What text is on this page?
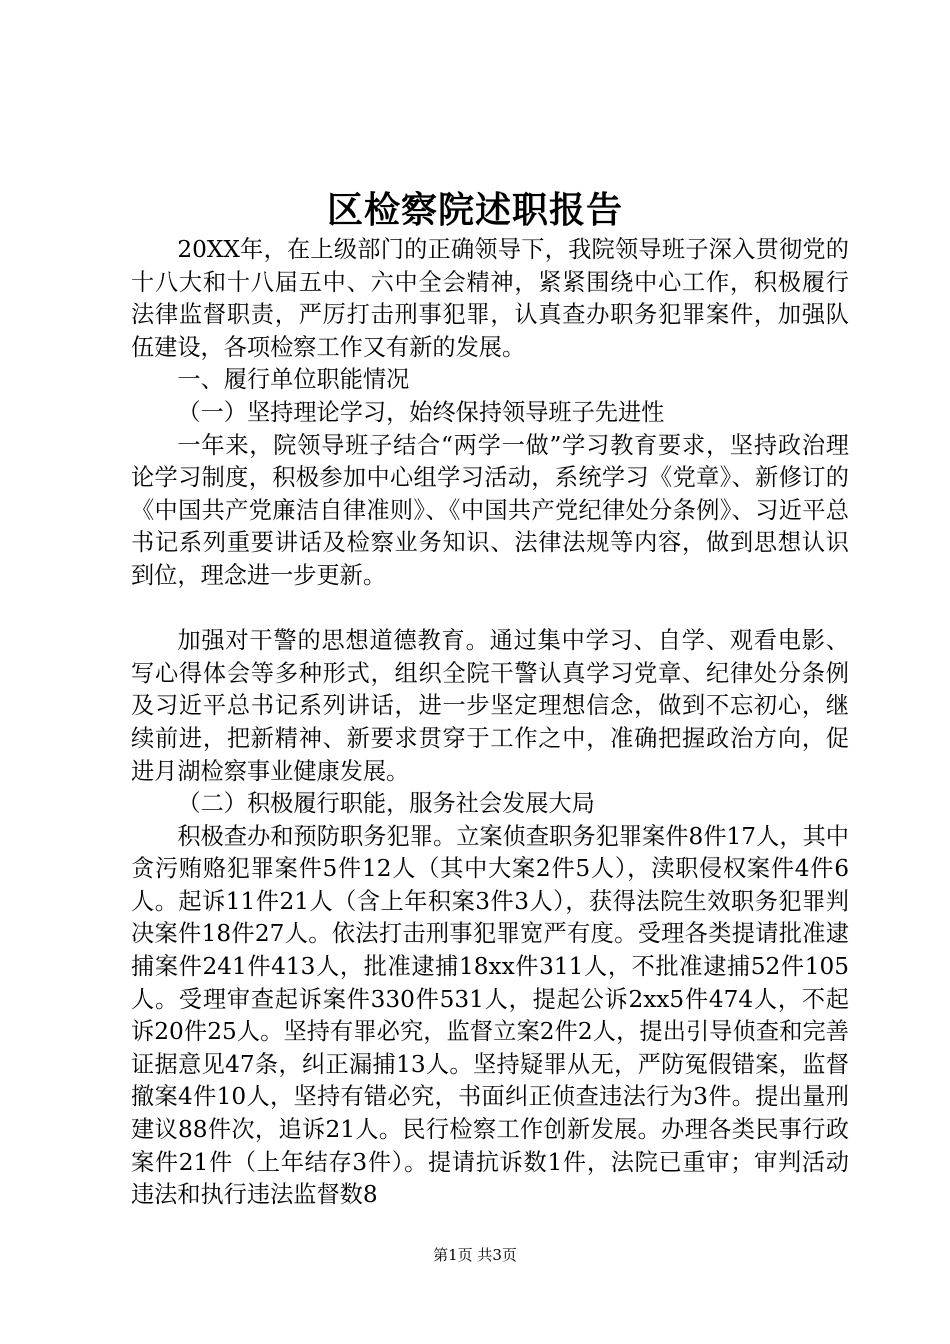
区检察院述职报告

20XX年，在上级部门的正确领导下，我院领导班子深入贯彻党的十八大和十八届五中、六中全会精神，紧紧围绕中心工作，积极履行法律监督职责，严厉打击刑事犯罪，认真查办职务犯罪案件，加强队伍建设，各项检察工作又有新的发展。

一、履行单位职能情况

（一）坚持理论学习，始终保持领导班子先进性

一年来，院领导班子结合“两学一做”学习教育要求，坚持政治理论学习制度，积极参加中心组学习活动，系统学习《党章》、新修订的《中国共产党廉洁自律准则》、《中国共产党纪律处分条例》、习近平总书记系列重要讲话及检察业务知识、法律法规等内容，做到思想认识到位，理念进一步更新。

加强对干警的思想道德教育。通过集中学习、自学、观看电影、写心得体会等多种形式，组织全院干警认真学习党章、纪律处分条例及习近平总书记系列讲话，进一步坚定理想信念，做到不忘初心，继续前进，把新精神、新要求贯穿于工作之中，准确把握政治方向，促进月湖检察事业健康发展。

（二）积极履行职能，服务社会发展大局

积极查办和预防职务犯罪。立案侦查职务犯罪案件8件17人，其中贪污贿赂犯罪案件5件12人（其中大案2件5人），渎职侵权案件4件6人。起诉11件21人（含上年积案3件3人），获得法院生效职务犯罪判决案件18件27人。依法打击刑事犯罪宽严有度。受理各类提请批准逮捕案件241件413人，批准逮捕18xx件311人，不批准逮捕52件105人。受理审查起诉案件330件531人，提起公诉2xx5件474人，不起诉20件25人。坚持有罪必究，监督立案2件2人，提出引导侦查和完善证据意见47条，纠正漏捕13人。坚持疑罪从无，严防冤假错案，监督撤案4件10人，坚持有错必究，书面纠正侦查违法行为3件。提出量刑建议88件次，追诉21人。民行检察工作创新发展。办理各类民事行政案件21件（上年结存3件）。提请抗诉数1件，法院已重审；审判活动违法和执行违法监督数8

第1页 共3页
